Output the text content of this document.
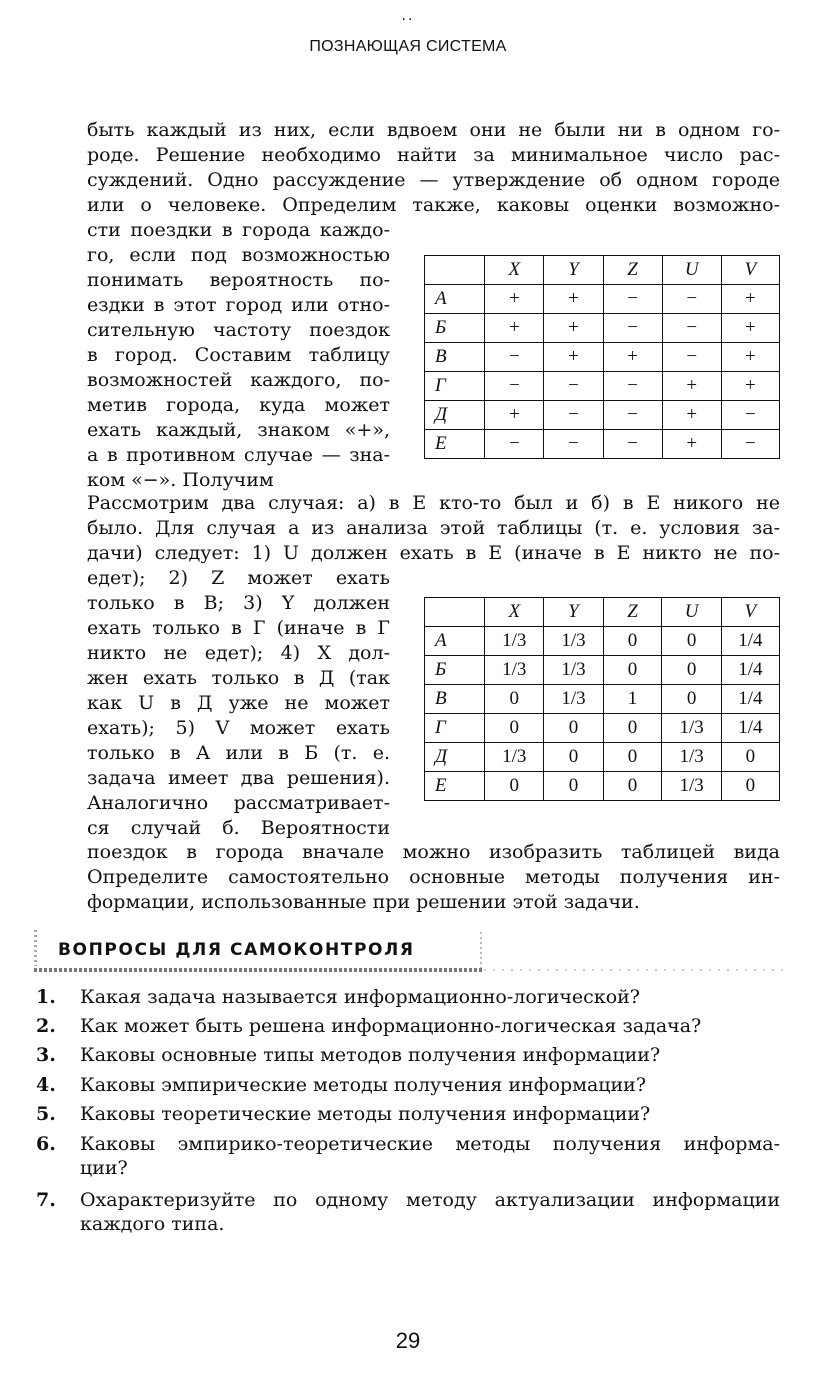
..
ПОЗНАЮЩАЯ СИСТЕМА
быть каждый из них, если вдвоем они не были ни в одном го-
роде. Решение необходимо найти за минимальное число рас-
суждений. Одно рассуждение — утверждение об одном городе
или о человеке. Определим также, каковы оценки возможно-
сти поездки в города каждо-
го, если под возможностью
понимать вероятность по-
ездки в этот город или отно-
сительную частоту поездок
в город. Составим таблицу
возможностей каждого, по-
метив города, куда может
ехать каждый, знаком «+»,
а в противном случае — зна-
ком «−». Получим
Рассмотрим два случая: а) в Е кто-то был и б) в Е никого не
было. Для случая а из анализа этой таблицы (т. е. условия за-
дачи) следует: 1) U должен ехать в Е (иначе в Е никто не по-
едет); 2) Z может ехать
только в В; 3) Y должен
ехать только в Г (иначе в Г
никто не едет); 4) X дол-
жен ехать только в Д (так
как U в Д уже не может
ехать); 5) V может ехать
только в А или в Б (т. е.
задача имеет два решения).
Аналогично рассматривает-
ся случай б. Вероятности
поездок в города вначале можно изобразить таблицей вида
Определите самостоятельно основные методы получения ин-
формации, использованные при решении этой задачи.
	X	Y	Z	U	V
А	+	+	−	−	+
Б	+	+	−	−	+
В	−	+	+	−	+
Г	−	−	−	+	+
Д	+	−	−	+	−
Е	−	−	−	+	−
	X	Y	Z	U	V
А	1/3	1/3	0	0	1/4
Б	1/3	1/3	0	0	1/4
В	0	1/3	1	0	1/4
Г	0	0	0	1/3	1/4
Д	1/3	0	0	1/3	0
Е	0	0	0	1/3	0
ВОПРОСЫ ДЛЯ САМОКОНТРОЛЯ
1.	Какая задача называется информационно-логической?
2.	Как может быть решена информационно-логическая задача?
3.	Каковы основные типы методов получения информации?
4.	Каковы эмпирические методы получения информации?
5.	Каковы теоретические методы получения информации?
6.	Каковы эмпирико-теоретические методы получения информа-
ции?
7.	Охарактеризуйте по одному методу актуализации информации
каждого типа.
29
